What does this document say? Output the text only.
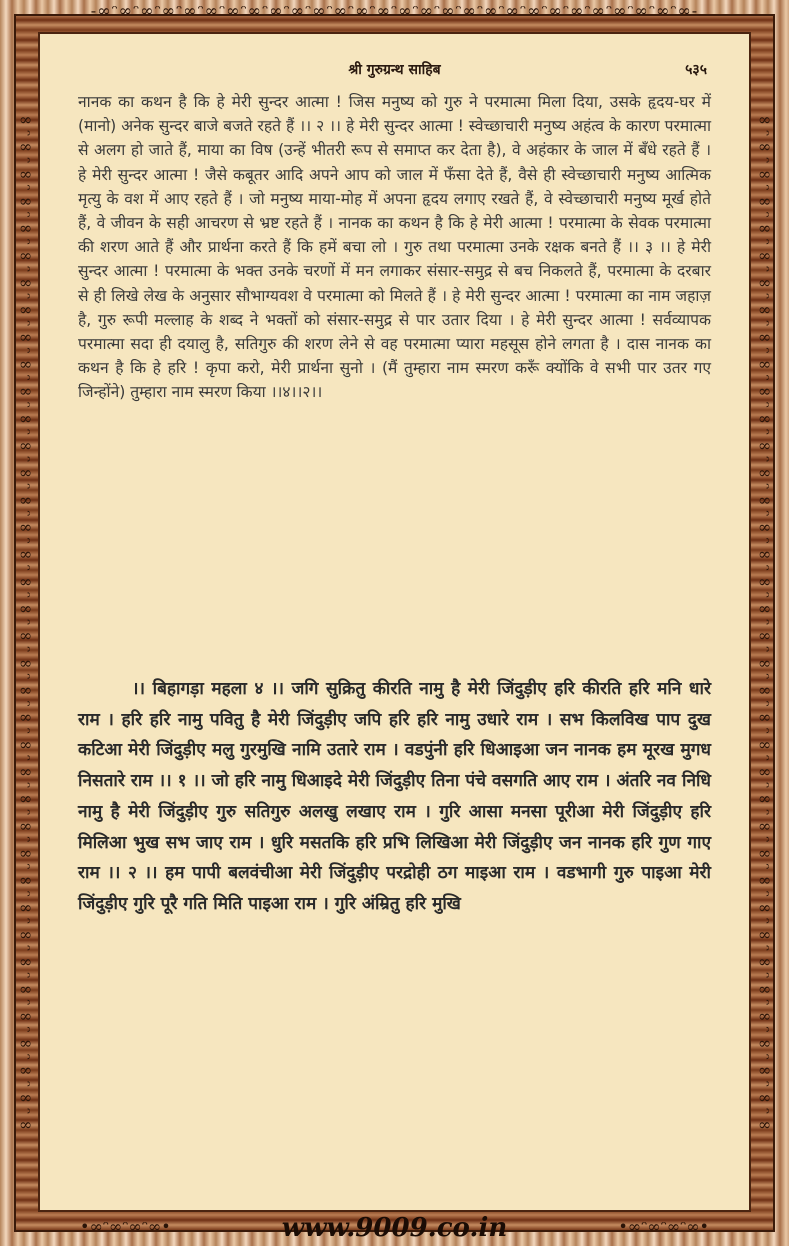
-∞ᵔ∞ᵔ∞ᵔ∞ᵔ∞ᵔ∞ᵔ∞ᵔ∞ᵔ∞ᵔ∞ᵔ∞ᵔ∞ᵔ∞ᵔ∞ᵔ∞ᵔ∞ᵔ∞ᵔ∞ᵔ∞ᵔ∞ᵔ∞ᵔ∞ᵔ∞ᵔ∞ᵔ∞ᵔ∞ᵔ∞ᵔ∞-
∞ᵔ∞ᵔ∞ᵔ∞ᵔ∞ᵔ∞ᵔ∞ᵔ∞ᵔ∞ᵔ∞ᵔ∞ᵔ∞ᵔ∞ᵔ∞ᵔ∞ᵔ∞ᵔ∞ᵔ∞ᵔ∞ᵔ∞ᵔ∞ᵔ∞ᵔ∞ᵔ∞ᵔ∞ᵔ∞ᵔ∞ᵔ∞ᵔ∞ᵔ∞ᵔ∞ᵔ∞ᵔ∞ᵔ∞ᵔ∞ᵔ∞ᵔ∞ᵔ∞	∞ᵔ∞ᵔ∞ᵔ∞ᵔ∞ᵔ∞ᵔ∞ᵔ∞ᵔ∞ᵔ∞ᵔ∞ᵔ∞ᵔ∞ᵔ∞ᵔ∞ᵔ∞ᵔ∞ᵔ∞ᵔ∞ᵔ∞ᵔ∞ᵔ∞ᵔ∞ᵔ∞ᵔ∞ᵔ∞ᵔ∞ᵔ∞ᵔ∞ᵔ∞ᵔ∞ᵔ∞ᵔ∞ᵔ∞ᵔ∞ᵔ∞ᵔ∞ᵔ∞
श्री गुरुग्रन्थ साहिब	५३५

नानक का कथन है कि हे मेरी सुन्दर आत्मा ! जिस मनुष्य को गुरु ने परमात्मा मिला दिया, उसके हृदय-घर में (मानो) अनेक सुन्दर बाजे बजते रहते हैं ।। २ ।। हे मेरी सुन्दर आत्मा ! स्वेच्छाचारी मनुष्य अहंत्व के कारण परमात्मा से अलग हो जाते हैं, माया का विष (उन्हें भीतरी रूप से समाप्त कर देता है), वे अहंकार के जाल में बँधे रहते हैं । हे मेरी सुन्दर आत्मा ! जैसे कबूतर आदि अपने आप को जाल में फँसा देते हैं, वैसे ही स्वेच्छाचारी मनुष्य आत्मिक मृत्यु के वश में आए रहते हैं । जो मनुष्य माया-मोह में अपना हृदय लगाए रखते हैं, वे स्वेच्छाचारी मनुष्य मूर्ख होते हैं, वे जीवन के सही आचरण से भ्रष्ट रहते हैं । नानक का कथन है कि हे मेरी आत्मा ! परमात्मा के सेवक परमात्मा की शरण आते हैं और प्रार्थना करते हैं कि हमें बचा लो । गुरु तथा परमात्मा उनके रक्षक बनते हैं ।। ३ ।। हे मेरी सुन्दर आत्मा ! परमात्मा के भक्त उनके चरणों में मन लगाकर संसार-समुद्र से बच निकलते हैं, परमात्मा के दरबार से ही लिखे लेख के अनुसार सौभाग्यवश वे परमात्मा को मिलते हैं । हे मेरी सुन्दर आत्मा ! परमात्मा का नाम जहाज़ है, गुरु रूपी मल्लाह के शब्द ने भक्तों को संसार-समुद्र से पार उतार दिया । हे मेरी सुन्दर आत्मा ! सर्वव्यापक परमात्मा सदा ही दयालु है, सतिगुरु की शरण लेने से वह परमात्मा प्यारा महसूस होने लगता है । दास नानक का कथन है कि हे हरि ! कृपा करो, मेरी प्रार्थना सुनो । (मैं तुम्हारा नाम स्मरण करूँ क्योंकि वे सभी पार उतर गए जिन्होंने) तुम्हारा नाम स्मरण किया ।।४।।२।।

।। बिहागड़ा महला ४ ।। जगि सुक्रितु कीरति नामु है मेरी जिंदुड़ीए हरि कीरति हरि मनि धारे राम । हरि हरि नामु पवितु है मेरी जिंदुड़ीए जपि हरि हरि नामु उधारे राम । सभ किलविख पाप दुख कटिआ मेरी जिंदुड़ीए मलु गुरमुखि नामि उतारे राम । वडपुंनी हरि धिआइआ जन नानक हम मूरख मुगध निसतारे राम ।। १ ।। जो हरि नामु धिआइदे मेरी जिंदुड़ीए तिना पंचे वसगति आए राम । अंतरि नव निधि नामु है मेरी जिंदुड़ीए गुरु सतिगुरु अलखु लखाए राम । गुरि आसा मनसा पूरीआ मेरी जिंदुड़ीए हरि मिलिआ भुख सभ जाए राम । धुरि मसतकि हरि प्रभि लिखिआ मेरी जिंदुड़ीए जन नानक हरि गुण गाए राम ।। २ ।। हम पापी बलवंचीआ मेरी जिंदुड़ीए परद्रोही ठग माइआ राम । वडभागी गुरु पाइआ मेरी जिंदुड़ीए गुरि पूरै गति मिति पाइआ राम । गुरि अंम्रितु हरि मुखि

•∞ᵔ∞ᵔ∞ᵔ∞•	www.9009.co.in	•∞ᵔ∞ᵔ∞ᵔ∞•
